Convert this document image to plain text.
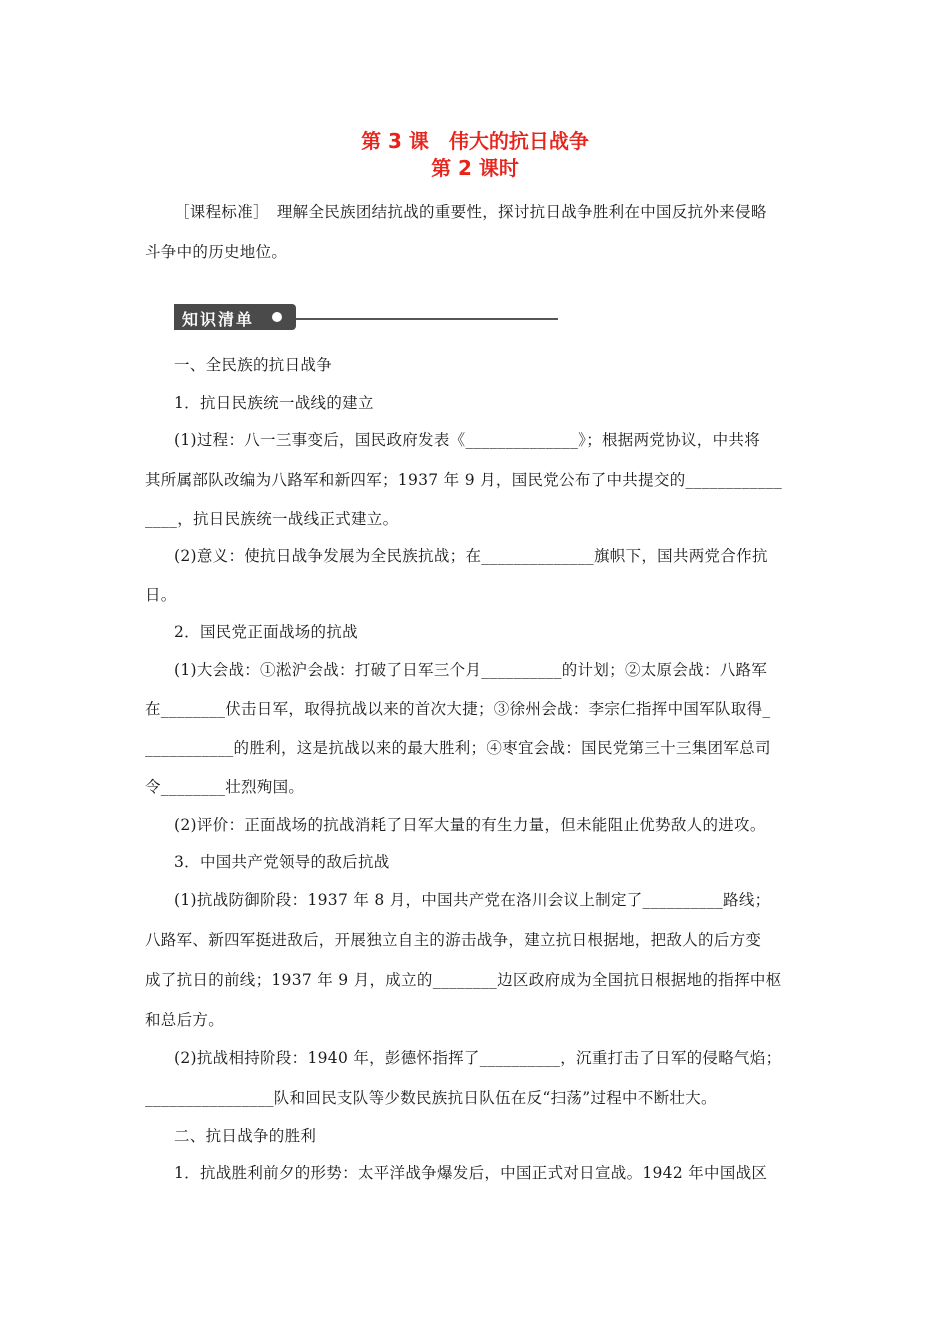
第 3 课　伟大的抗日战争
第 2 课时
［课程标准］　理解全民族团结抗战的重要性，探讨抗日战争胜利在中国反抗外来侵略
斗争中的历史地位。
知识清单
一、全民族的抗日战争
1．抗日民族统一战线的建立
(1)过程：八一三事变后，国民政府发表《______________》；根据两党协议，中共将
其所属部队改编为八路军和新四军；1937 年 9 月，国民党公布了中共提交的____________
____，抗日民族统一战线正式建立。
(2)意义：使抗日战争发展为全民族抗战；在______________旗帜下，国共两党合作抗
日。
2．国民党正面战场的抗战
(1)大会战：①淞沪会战：打破了日军三个月__________的计划；②太原会战：八路军
在________伏击日军，取得抗战以来的首次大捷；③徐州会战：李宗仁指挥中国军队取得_
___________的胜利，这是抗战以来的最大胜利；④枣宜会战：国民党第三十三集团军总司
令________壮烈殉国。
(2)评价：正面战场的抗战消耗了日军大量的有生力量，但未能阻止优势敌人的进攻。
3．中国共产党领导的敌后抗战
(1)抗战防御阶段：1937 年 8 月，中国共产党在洛川会议上制定了__________路线；
八路军、新四军挺进敌后，开展独立自主的游击战争，建立抗日根据地，把敌人的后方变
成了抗日的前线；1937 年 9 月，成立的________边区政府成为全国抗日根据地的指挥中枢
和总后方。
(2)抗战相持阶段：1940 年，彭德怀指挥了__________，沉重打击了日军的侵略气焰；
________________队和回民支队等少数民族抗日队伍在反“扫荡”过程中不断壮大。
二、抗日战争的胜利
1．抗战胜利前夕的形势：太平洋战争爆发后，中国正式对日宣战。1942 年中国战区
